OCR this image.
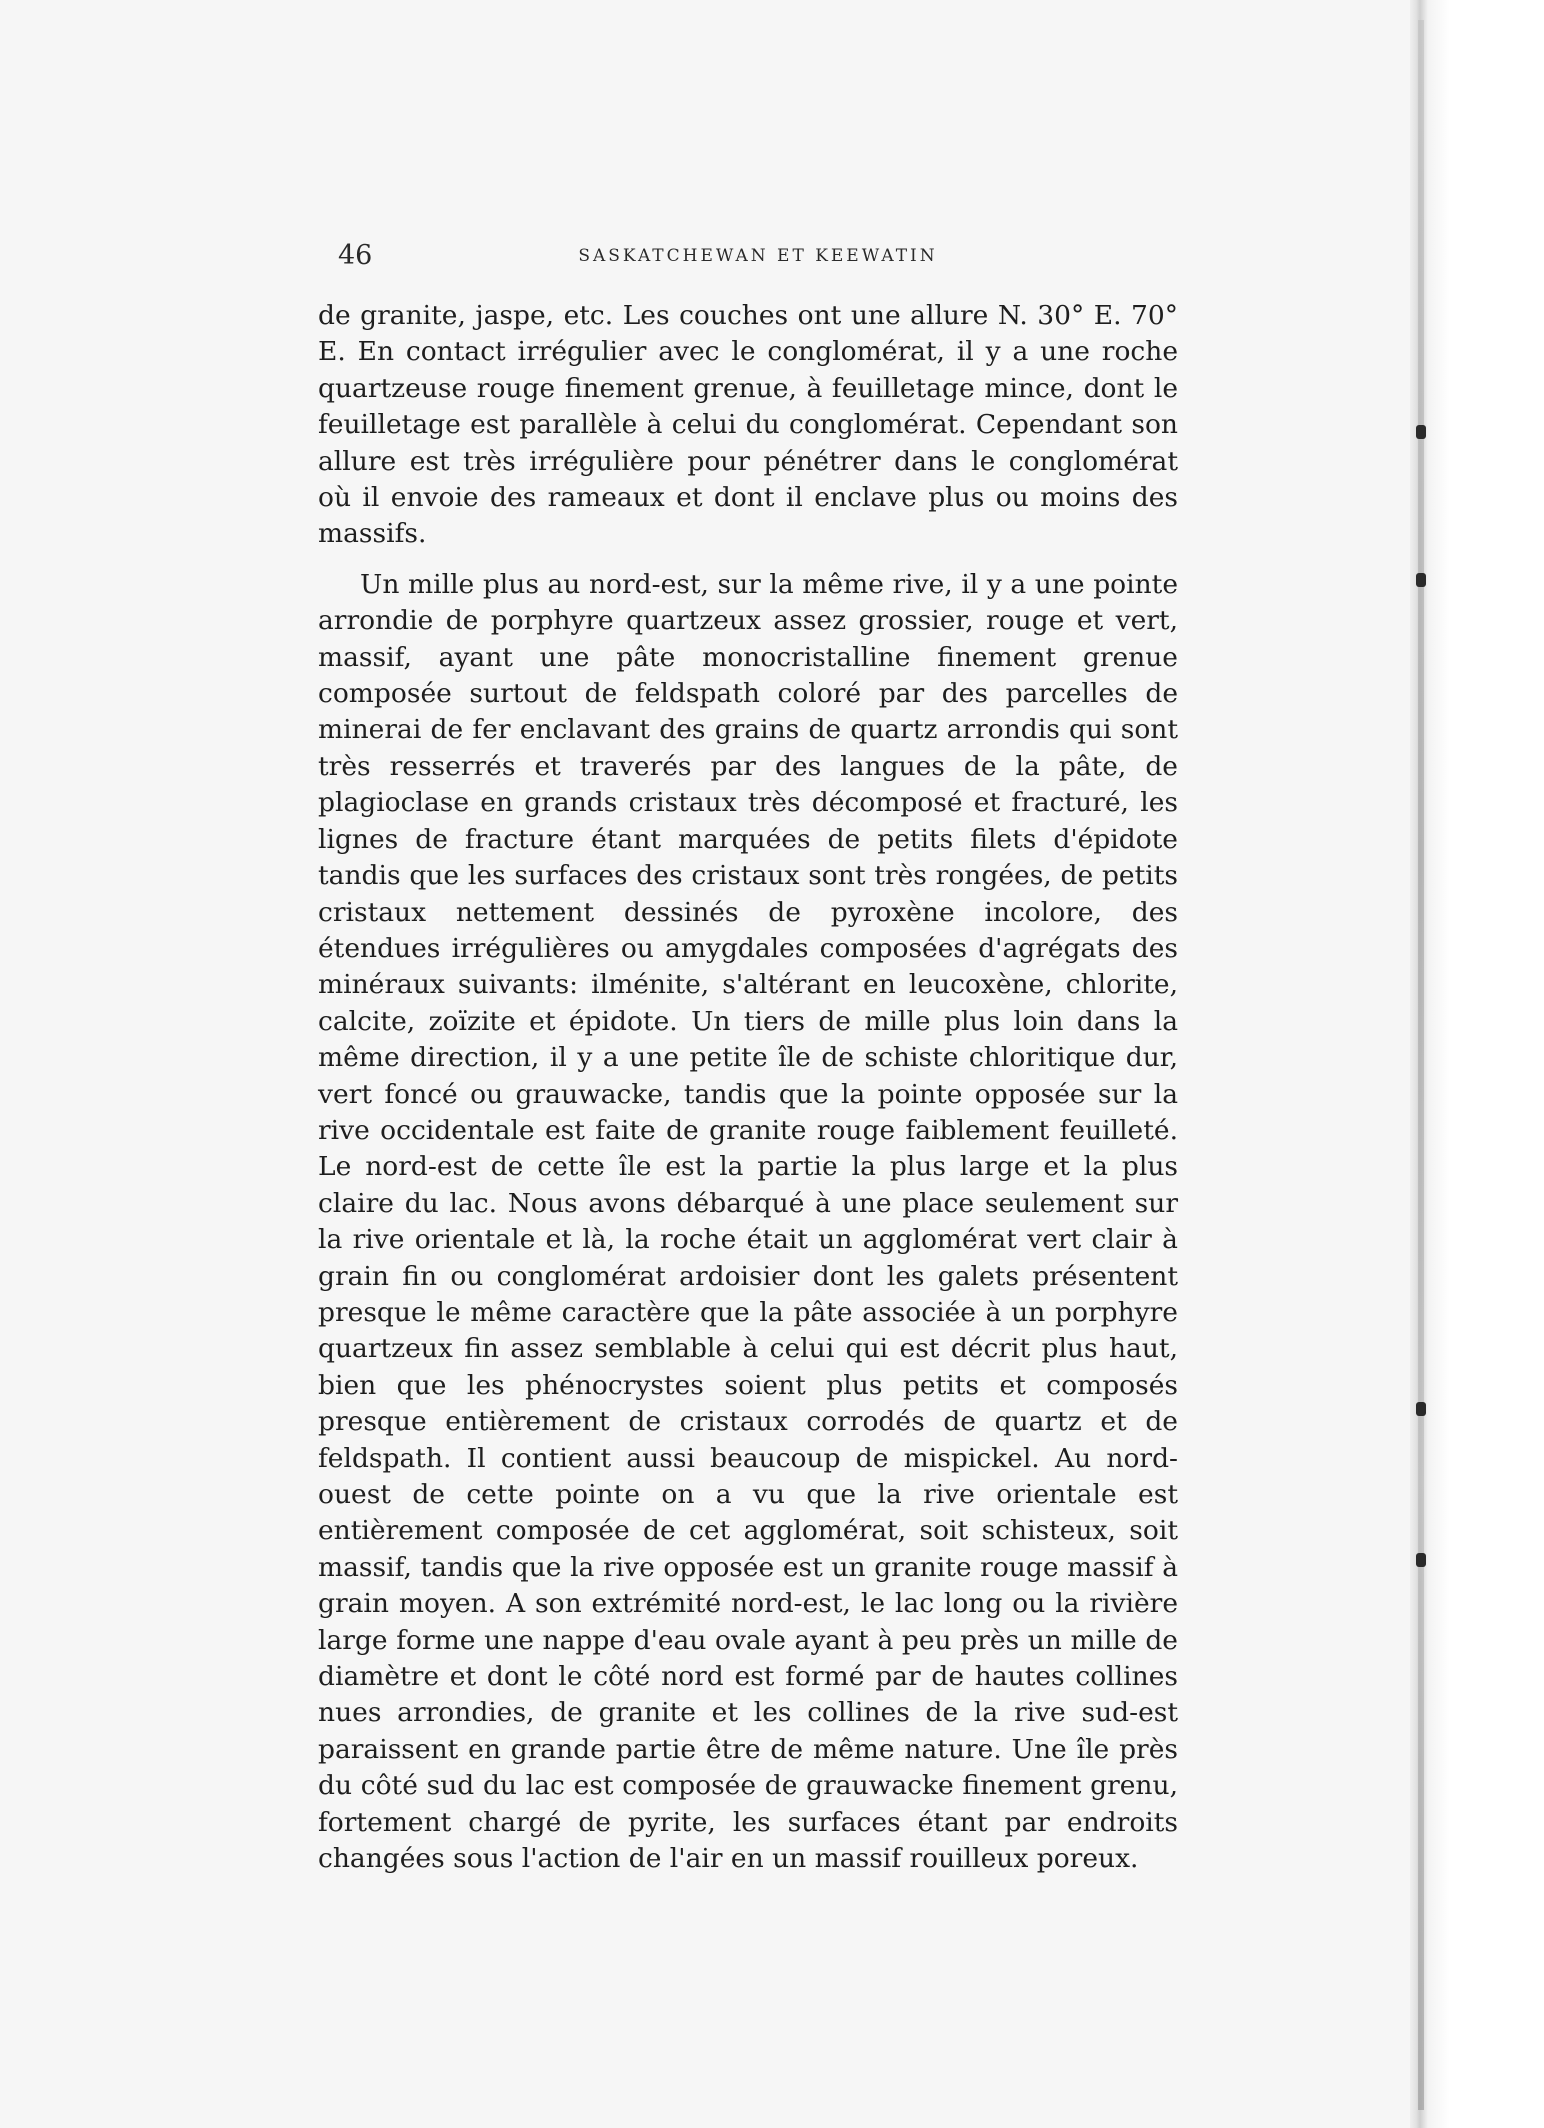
46	SASKATCHEWAN ET KEEWATIN

de granite, jaspe, etc. Les couches ont une allure N. 30° E. 70° E. En contact irrégulier avec le conglomérat, il y a une roche quartzeuse rouge finement grenue, à feuilletage mince, dont le feuilletage est parallèle à celui du conglomérat. Cependant son allure est très irrégulière pour pénétrer dans le conglomérat où il envoie des rameaux et dont il enclave plus ou moins des massifs.

Un mille plus au nord-est, sur la même rive, il y a une pointe arrondie de porphyre quartzeux assez grossier, rouge et vert, massif, ayant une pâte monocristalline finement grenue composée surtout de feldspath coloré par des parcelles de minerai de fer enclavant des grains de quartz arrondis qui sont très resserrés et traverés par des langues de la pâte, de plagioclase en grands cristaux très décomposé et fracturé, les lignes de fracture étant marquées de petits filets d'épidote tandis que les surfaces des cristaux sont très rongées, de petits cristaux nettement dessinés de pyroxène incolore, des étendues irrégulières ou amygdales composées d'agrégats des minéraux suivants: ilménite, s'altérant en leucoxène, chlorite, calcite, zoïzite et épidote. Un tiers de mille plus loin dans la même direction, il y a une petite île de schiste chloritique dur, vert foncé ou grauwacke, tandis que la pointe opposée sur la rive occidentale est faite de granite rouge faiblement feuilleté. Le nord-est de cette île est la partie la plus large et la plus claire du lac. Nous avons débarqué à une place seulement sur la rive orientale et là, la roche était un agglomérat vert clair à grain fin ou conglomérat ardoisier dont les galets présentent presque le même caractère que la pâte associée à un porphyre quartzeux fin assez semblable à celui qui est décrit plus haut, bien que les phénocrystes soient plus petits et composés presque entièrement de cristaux corrodés de quartz et de feldspath. Il contient aussi beaucoup de mispickel. Au nord-ouest de cette pointe on a vu que la rive orientale est entièrement composée de cet agglomérat, soit schisteux, soit massif, tandis que la rive opposée est un granite rouge massif à grain moyen. A son extrémité nord-est, le lac long ou la rivière large forme une nappe d'eau ovale ayant à peu près un mille de diamètre et dont le côté nord est formé par de hautes collines nues arrondies, de granite et les collines de la rive sud-est paraissent en grande partie être de même nature. Une île près du côté sud du lac est composée de grauwacke finement grenu, fortement chargé de pyrite, les surfaces étant par endroits changées sous l'action de l'air en un massif rouilleux poreux.
